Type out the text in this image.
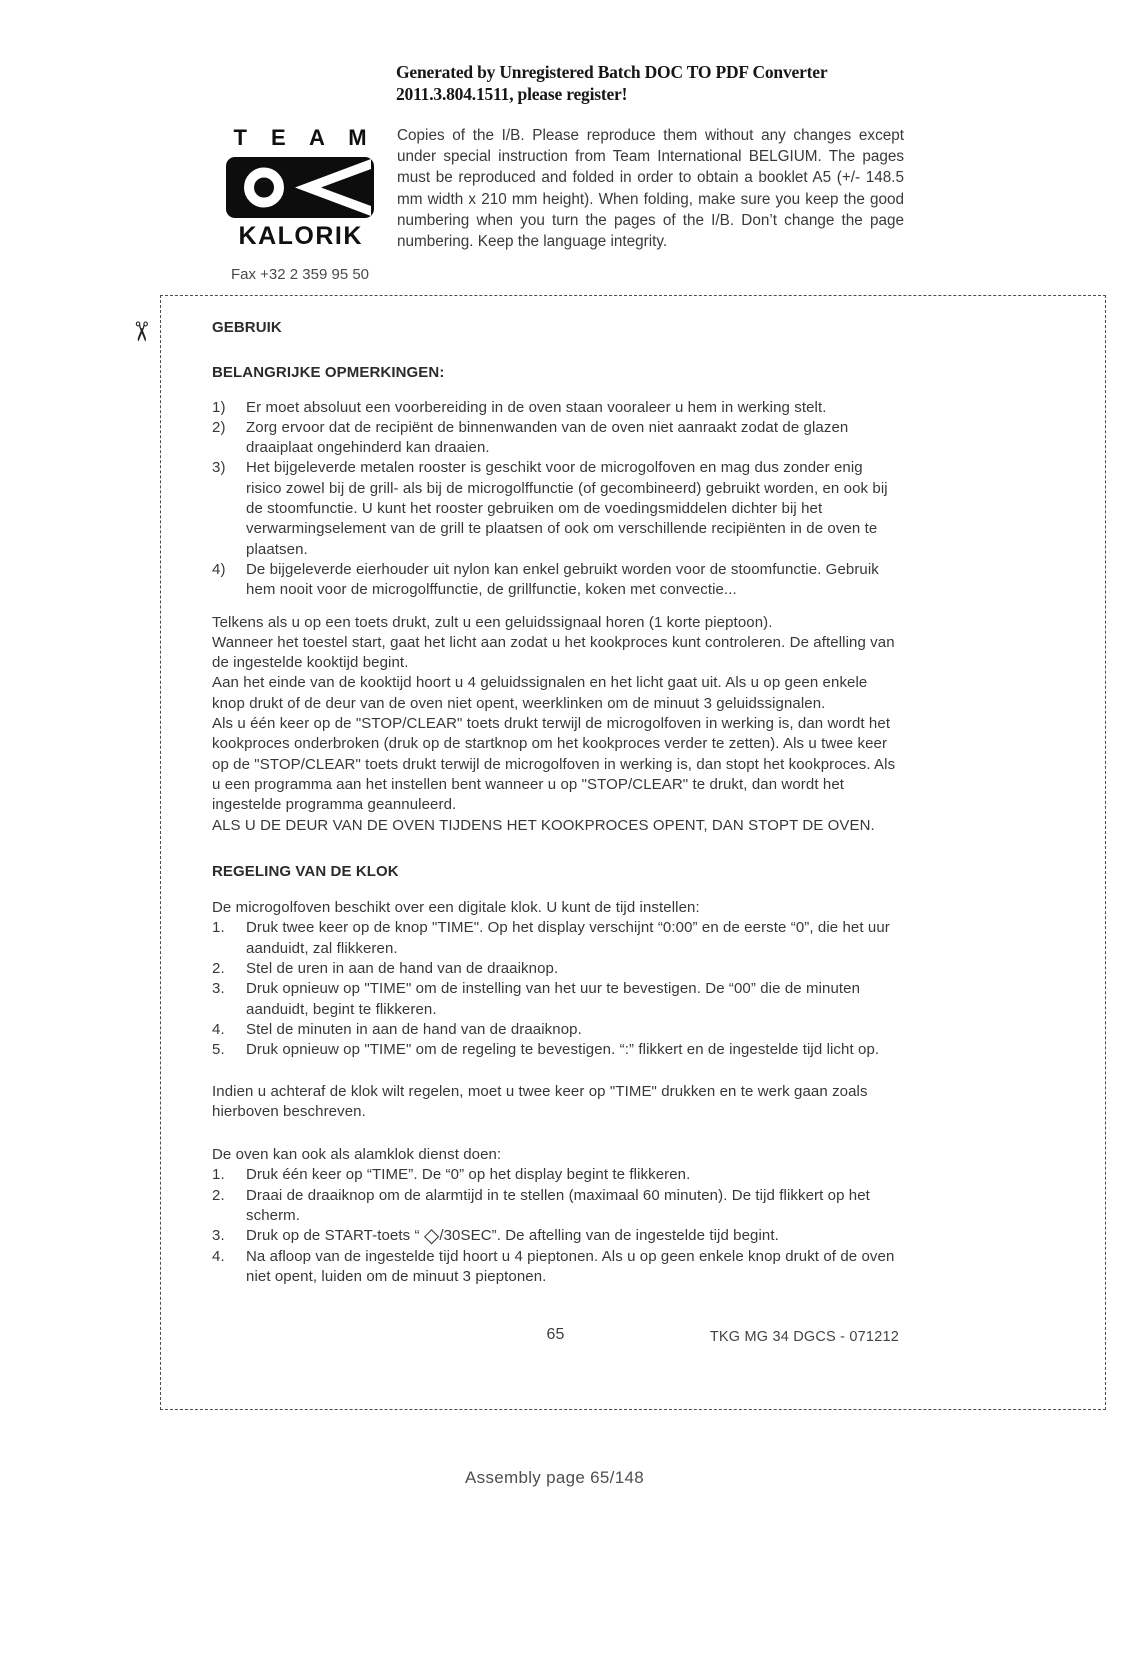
Generated by Unregistered Batch DOC TO PDF Converter
2011.3.804.1511, please register!
T E A M
KALORIK
Fax +32 2 359 95 50
Copies of the I/B. Please reproduce them without any changes except under special instruction from Team International BELGIUM. The pages must be reproduced and folded in order to obtain a booklet A5 (+/- 148.5 mm width x 210 mm height). When folding, make sure you keep the good numbering when you turn the pages of the I/B. Don’t change the page numbering. Keep the language integrity.
✂	GEBRUIK
BELANGRIJKE OPMERKINGEN:
Er moet absoluut een voorbereiding in de oven staan vooraleer u hem in werking stelt.
Zorg ervoor dat de recipiënt de binnenwanden van de oven niet aanraakt zodat de glazen draaiplaat ongehinderd kan draaien.
Het bijgeleverde metalen rooster is geschikt voor de microgolfoven en mag dus zonder enig risico zowel bij de grill- als bij de microgolffunctie (of gecombineerd) gebruikt worden, en ook bij de stoomfunctie. U kunt het rooster gebruiken om de voedingsmiddelen dichter bij het verwarmingselement van de grill te plaatsen of ook om verschillende recipiënten in de oven te plaatsen.
De bijgeleverde eierhouder uit nylon kan enkel gebruikt worden voor de stoomfunctie. Gebruik hem nooit voor de microgolffunctie, de grillfunctie, koken met convectie...

Telkens als u op een toets drukt, zult u een geluidssignaal horen (1 korte pieptoon).

Wanneer het toestel start, gaat het licht aan zodat u het kookproces kunt controleren. De aftelling van de ingestelde kooktijd begint.

Aan het einde van de kooktijd hoort u 4 geluidssignalen en het licht gaat uit. Als u op geen enkele knop drukt of de deur van de oven niet opent, weerklinken om de minuut 3 geluidssignalen.

Als u één keer op de "STOP/CLEAR" toets drukt terwijl de microgolfoven in werking is, dan wordt het kookproces onderbroken (druk op de startknop om het kookproces verder te zetten). Als u twee keer op de "STOP/CLEAR" toets drukt terwijl de microgolfoven in werking is, dan stopt het kookproces. Als u een programma aan het instellen bent wanneer u op "STOP/CLEAR" te drukt, dan wordt het ingestelde programma geannuleerd.

ALS U DE DEUR VAN DE OVEN TIJDENS HET KOOKPROCES OPENT, DAN STOPT DE OVEN.

REGELING VAN DE KLOK

De microgolfoven beschikt over een digitale klok. U kunt de tijd instellen:

Druk twee keer op de knop "TIME". Op het display verschijnt “0:00” en de eerste “0”, die het uur aanduidt, zal flikkeren.
Stel de uren in aan de hand van de draaiknop.
Druk opnieuw op "TIME" om de instelling van het uur te bevestigen. De “00” die de minuten aanduidt, begint te flikkeren.
Stel de minuten in aan de hand van de draaiknop.
Druk opnieuw op "TIME" om de regeling te bevestigen. “:” flikkert en de ingestelde tijd licht op.

Indien u achteraf de klok wilt regelen, moet u twee keer op "TIME" drukken en te werk gaan zoals hierboven beschreven.

De oven kan ook als alamklok dienst doen:

Druk één keer op “TIME”. De “0” op het display begint te flikkeren.
Draai de draaiknop om de alarmtijd in te stellen (maximaal 60 minuten). De tijd flikkert op het scherm.
Druk op de START-toets “ ◇/30SEC”. De aftelling van de ingestelde tijd begint.
Na afloop van de ingestelde tijd hoort u 4 pieptonen. Als u op geen enkele knop drukt of de oven niet opent, luiden om de minuut 3 pieptonen.
65	TKG MG 34 DGCS - 071212
Assembly page 65/148
